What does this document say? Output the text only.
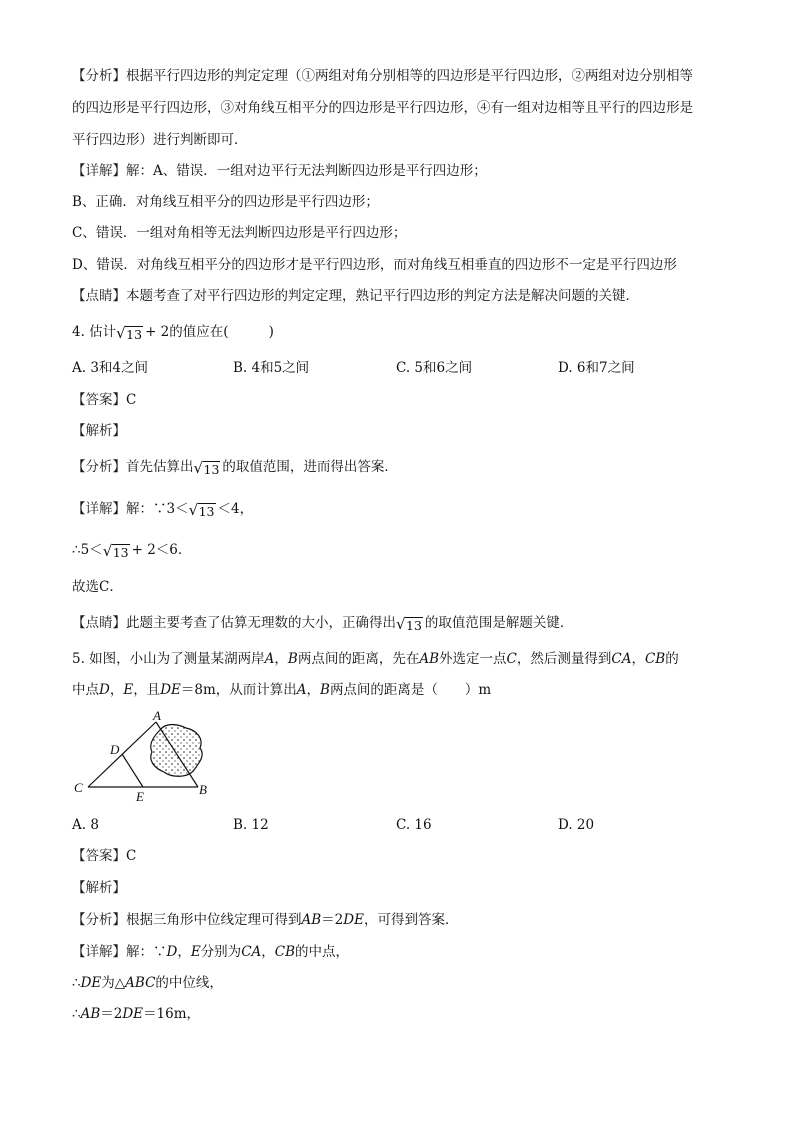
【分析】根据平行四边形的判定定理（①两组对角分别相等的四边形是平行四边形，②两组对边分别相等
的四边形是平行四边形，③对角线互相平分的四边形是平行四边形，④有一组对边相等且平行的四边形是
平行四边形）进行判断即可．
【详解】解：A、错误．一组对边平行无法判断四边形是平行四边形；
B、正确．对角线互相平分的四边形是平行四边形；
C、错误．一组对角相等无法判断四边形是平行四边形；
D、错误．对角线互相平分的四边形才是平行四边形，而对角线互相垂直的四边形不一定是平行四边形
【点睛】本题考查了对平行四边形的判定定理，熟记平行四边形的判定方法是解决问题的关键．
4. 估计 √ 13 + 2的值应在(	)
A. 3和4之间	B. 4和5之间	C. 5和6之间	D. 6和7之间
【答案】C
【解析】
【分析】首先估算出 √ 13 的取值范围，进而得出答案．
【详解】解：∵3＜ √ 13 ＜4，
∴5＜ √ 13 + 2＜6．
故选C．
【点睛】此题主要考查了估算无理数的大小，正确得出 √ 13 的取值范围是解题关键．
5. 如图，小山为了测量某湖两岸A，B两点间的距离，先在AB外选定一点C，然后测量得到CA，CB的
中点D，E，且DE＝8m，从而计算出A，B两点间的距离是（　　）m
A
D
C
E	B
A. 8	B. 12	C. 16	D. 20
【答案】C
【解析】
【分析】根据三角形中位线定理可得到AB＝2DE，可得到答案．
【详解】解：∵D，E分别为CA，CB的中点，
∴DE为△ABC的中位线，
∴AB＝2DE＝16m，
